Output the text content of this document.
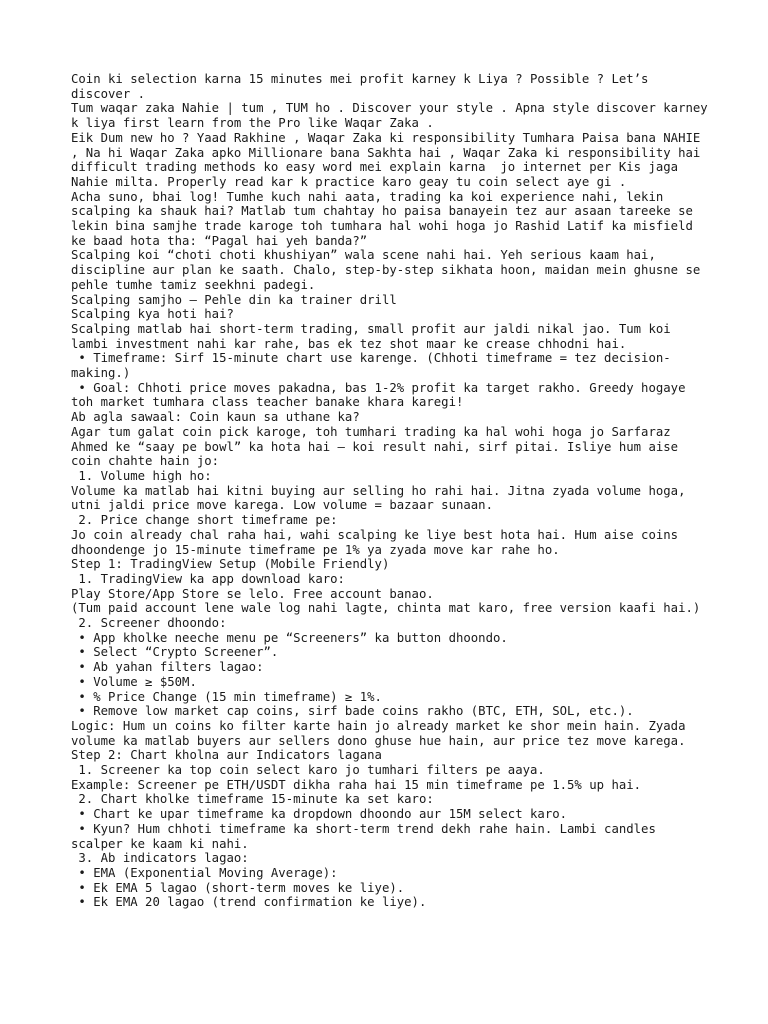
Coin ki selection karna 15 minutes mei profit karney k Liya ? Possible ? Let’s discover .

Tum waqar zaka Nahie | tum , TUM ho . Discover your style . Apna style discover karney k liya first learn from the Pro like Waqar Zaka .

Eik Dum new ho ? Yaad Rakhine , Waqar Zaka ki responsibility Tumhara Paisa bana NAHIE , Na hi Waqar Zaka apko Millionare bana Sakhta hai , Waqar Zaka ki responsibility hai difficult trading methods ko easy word mei explain karna  jo internet per Kis jaga Nahie milta. Properly read kar k practice karo geay tu coin select aye gi .

Acha suno, bhai log! Tumhe kuch nahi aata, trading ka koi experience nahi, lekin scalping ka shauk hai? Matlab tum chahtay ho paisa banayein tez aur asaan tareeke se lekin bina samjhe trade karoge toh tumhara hal wohi hoga jo Rashid Latif ka misfield ke baad hota tha: “Pagal hai yeh banda?”

Scalping koi “choti choti khushiyan” wala scene nahi hai. Yeh serious kaam hai, discipline aur plan ke saath. Chalo, step-by-step sikhata hoon, maidan mein ghusne se pehle tumhe tamiz seekhni padegi.

Scalping samjho – Pehle din ka trainer drill

Scalping kya hoti hai?

Scalping matlab hai short-term trading, small profit aur jaldi nikal jao. Tum koi lambi investment nahi kar rahe, bas ek tez shot maar ke crease chhodni hai.

• Timeframe: Sirf 15-minute chart use karenge. (Chhoti timeframe = tez decision-making.)

• Goal: Chhoti price moves pakadna, bas 1-2% profit ka target rakho. Greedy hogaye toh market tumhara class teacher banake khara karegi!

Ab agla sawaal: Coin kaun sa uthane ka?

Agar tum galat coin pick karoge, toh tumhari trading ka hal wohi hoga jo Sarfaraz Ahmed ke “saay pe bowl” ka hota hai – koi result nahi, sirf pitai. Isliye hum aise coin chahte hain jo:

1. Volume high ho:

Volume ka matlab hai kitni buying aur selling ho rahi hai. Jitna zyada volume hoga, utni jaldi price move karega. Low volume = bazaar sunaan.

2. Price change short timeframe pe:

Jo coin already chal raha hai, wahi scalping ke liye best hota hai. Hum aise coins dhoondenge jo 15-minute timeframe pe 1% ya zyada move kar rahe ho.

Step 1: TradingView Setup (Mobile Friendly)

1. TradingView ka app download karo:

Play Store/App Store se lelo. Free account banao.

(Tum paid account lene wale log nahi lagte, chinta mat karo, free version kaafi hai.)

2. Screener dhoondo:

• App kholke neeche menu pe “Screeners” ka button dhoondo.

• Select “Crypto Screener”.

• Ab yahan filters lagao:

• Volume ≥ $50M.

• % Price Change (15 min timeframe) ≥ 1%.

• Remove low market cap coins, sirf bade coins rakho (BTC, ETH, SOL, etc.).

Logic: Hum un coins ko filter karte hain jo already market ke shor mein hain. Zyada volume ka matlab buyers aur sellers dono ghuse hue hain, aur price tez move karega.

Step 2: Chart kholna aur Indicators lagana

1. Screener ka top coin select karo jo tumhari filters pe aaya.

Example: Screener pe ETH/USDT dikha raha hai 15 min timeframe pe 1.5% up hai.

2. Chart kholke timeframe 15-minute ka set karo:

• Chart ke upar timeframe ka dropdown dhoondo aur 15M select karo.

• Kyun? Hum chhoti timeframe ka short-term trend dekh rahe hain. Lambi candles scalper ke kaam ki nahi.

3. Ab indicators lagao:

• EMA (Exponential Moving Average):

• Ek EMA 5 lagao (short-term moves ke liye).

• Ek EMA 20 lagao (trend confirmation ke liye).
